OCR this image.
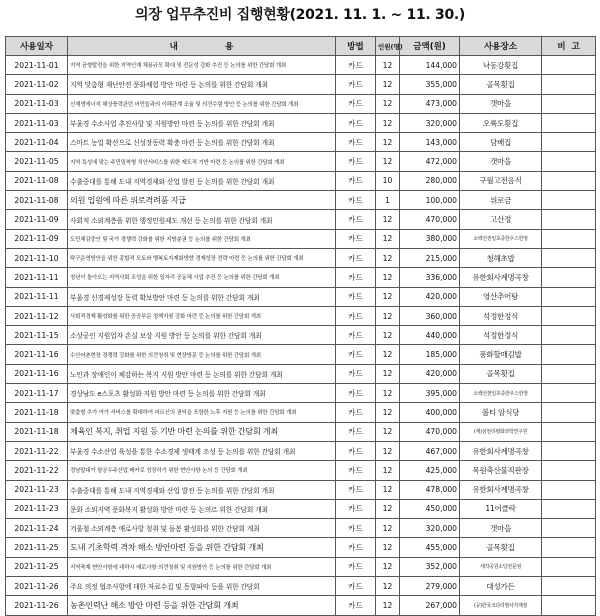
의장 업무추진비 집행현황(2021. 11. 1. ~ 11. 30.)
사용일자	내                용	방법	인원(명)	금액(원)	사용장소	비  고
2021-11-01	지역 균형발전을 위한 지역인재 채용규모 확대 및 전문성 강화 추진 등 논의를 위한 간담회 개최	카드	12	144,000	낙동강횟집	
2021-11-02	지역 맞춤형 재난안전 문화체험 방안 마련 등 논의를 위한 간담회 개최	카드	12	355,000	골목횟집	
2021-11-03	신재생에너지 해상풍력관련 어민들과의 이해관계 조율 및 의견수렴 방안 등 논의를 위한 간담회 개최	카드	12	473,000	갯마을	
2021-11-03	부울경 수소사업 추진사항 및 지원방안 마련 등 논의를 위한 간담회 개최	카드	12	320,000	오륙도횟집	
2021-11-04	스마트 농업 확산으로 신성장동력 확충 마련 등 논의를 위한 간담회 개최	카드	12	143,000	담배집	
2021-11-05	지역 특성에 맞는 주민밀착형 치안서비스를 위한 제도적 기반 마련 등 논의를 위한 간담회 개최	카드	12	472,000	갯마을	
2021-11-08	수출중대를 통해 도내 지역경제와 산업 발전 등 논의를 위한 간담회 개최	카드	10	280,000	구월고전음식	
2021-11-08	의원 입원에 따른 위로격려품 지급	카드	1	100,000	위로금	
2021-11-09	사회적 소외계층을 위한 행정민원제도 개선 등 논의를 위한 간담회 개최	카드	12	470,000	고산정	
2021-11-09	도민체감중인 및 국가 경쟁력 강화를 위한 지방분권 등 논의를 위한 간담회 개최	카드	12	380,000	소백산천일호증한우스한정	
2021-11-10	탁구운영방안을 위한 종합적 모토와 행복토지제화방향 경제성장 전략 마련 등 논의를 위한 간담회 개최	카드	12	215,000	청해초밥	
2021-11-11	청년이 돌아오는 지역사회 조성을 위한 일자리 공동체 사업 추진 등 논의를 위한 간담회 개최	카드	12	336,000	유한회사계명곡창	
2021-11-11	부울경 신경제성장 동력 확보방안 마련 등 논의를 위한 간담회 개최	카드	12	420,000	영산추어탕	
2021-11-12	사회적경제 활성화를 위한 공공부문 정책지원 강화 마련 등 논의를 위한 간담회 개최	카드	12	360,000	석정한정식	
2021-11-15	소상공인 지원업자 손실 보상 지원 방안 등 논의를 위한 간담회 개최	카드	12	440,000	석정한정식	
2021-11-16	수산어촌현장 경쟁력 강화를 위한 의견청취 및 현장방문 등 논의를 위한 간담회 개최	카드	12	185,000	풍화할매김밥	
2021-11-16	노인과 장애인이 체감하는 복지 지원 방안 마련 등 논의를 위한 간담회 개최	카드	12	420,000	골목횟집	
2021-11-17	경상남도 e스포츠 활성화 지원 방안 마련 등 논의를 위한 간담회 개최	카드	12	395,000	소백산천일호증한우스한정	
2021-11-18	맞춤형 추가 여가 서비스를 확대하여 어르신의 권익을 포함한 노후 지원 등 논의를 위한 간담회 개최	카드	12	400,000	볼티 암식당	
2021-11-18	체육인 복지, 취업 지원 등 기반 마련 논의를 위한 간담회 개최	카드	12	470,000	(재)삼천리평화과학연구원	
2021-11-22	부울경 수소산업 육성을 통한 수소경제 생태계 조성 등 논의를 위한 간담회 개최	카드	12	467,000	유한회사계명곡창	
2021-11-22	경남말대가 항공우주산업 메카로 성장하기 위한 현안사항 논의 등 간담회 개최	카드	12	425,000	목원축산물직판장	
2021-11-23	수출중대를 통해 도내 지역경제와 산업 발전 등 논의를 위한 간담회 개최	카드	12	478,000	유한회사계명곡창	
2021-11-23	문화 소외지역 문화복지 활성화 방안 마련 등 논의르 위한 간담회 개최	카드	12	450,000	11어클락	
2021-11-24	겨울철 소외계층 애로사항 청취 및 돌봄 활성화를 위한 간담회 개최	카드	12	320,000	갯마을	
2021-11-25	도내 기초학력 격차 해소 방안마련 등을 위한 간담회 개최	카드	12	455,000	골목횟집	
2021-11-25	지역축제 현안사항에 대하시 애로사항 의견청취 및 지원방안 등 논의를 위한 간담회 개최	카드	12	352,000	세작공원소당전문점	
2021-11-26	주요 의정 협조사항에 대한 자료수집 및 동향파악 등을 위한 간담회	카드	12	279,000	대성가든	
2021-11-26	농촌인력난 해소 방안 마련 등을 위한 간담회 개최	카드	12	267,000	(공)한국코다리찜사지계점	
